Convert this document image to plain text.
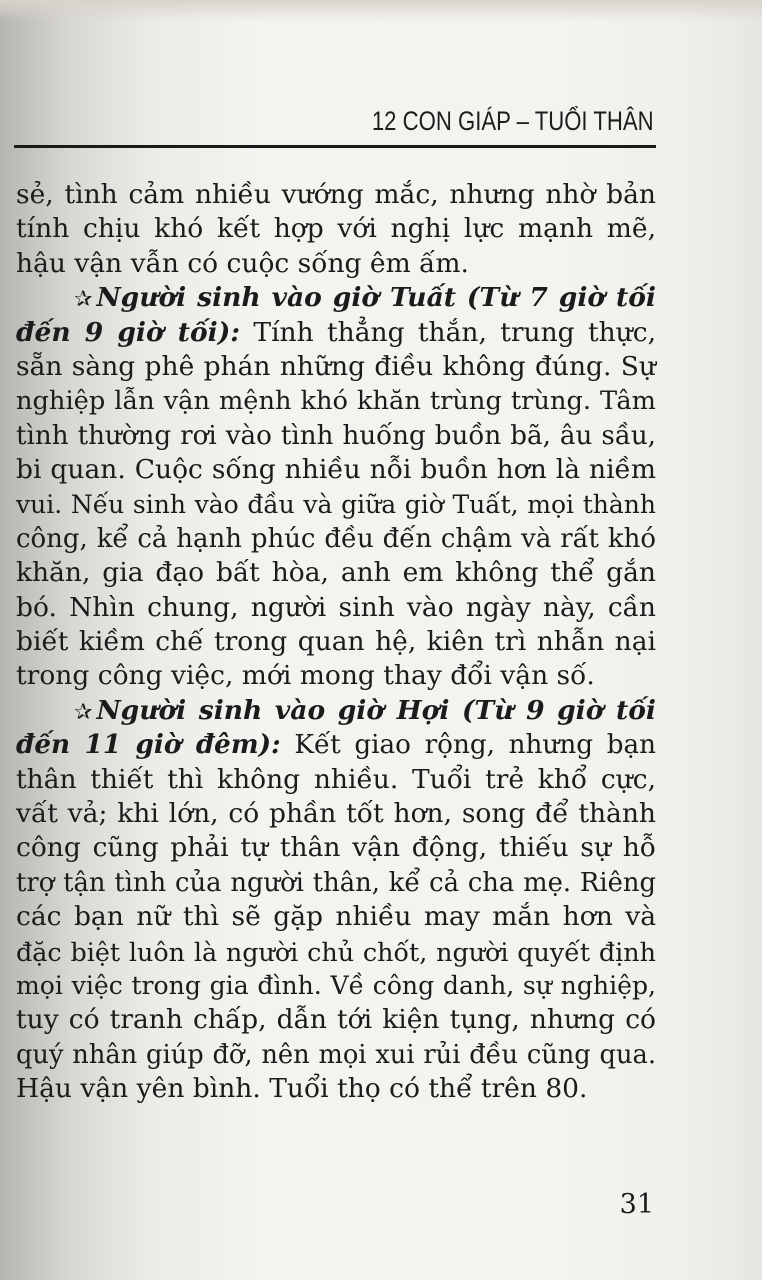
12 CON GIÁP – TUỔI THÂN
sẻ, tình cảm nhiều vướng mắc, nhưng nhờ bản
tính chịu khó kết hợp với nghị lực mạnh mẽ,
hậu vận vẫn có cuộc sống êm ấm.
✰ Người sinh vào giờ Tuất (Từ 7 giờ tối
đến 9 giờ tối): Tính thẳng thắn, trung thực,
sẵn sàng phê phán những điều không đúng. Sự
nghiệp lẫn vận mệnh khó khăn trùng trùng. Tâm
tình thường rơi vào tình huống buồn bã, âu sầu,
bi quan. Cuộc sống nhiều nỗi buồn hơn là niềm
vui. Nếu sinh vào đầu và giữa giờ Tuất, mọi thành
công, kể cả hạnh phúc đều đến chậm và rất khó
khăn, gia đạo bất hòa, anh em không thể gắn
bó. Nhìn chung, người sinh vào ngày này, cần
biết kiềm chế trong quan hệ, kiên trì nhẫn nại
trong công việc, mới mong thay đổi vận số.
✰ Người sinh vào giờ Hợi (Từ 9 giờ tối
đến 11 giờ đêm): Kết giao rộng, nhưng bạn
thân thiết thì không nhiều. Tuổi trẻ khổ cực,
vất vả; khi lớn, có phần tốt hơn, song để thành
công cũng phải tự thân vận động, thiếu sự hỗ
trợ tận tình của người thân, kể cả cha mẹ. Riêng
các bạn nữ thì sẽ gặp nhiều may mắn hơn và
đặc biệt luôn là người chủ chốt, người quyết định
mọi việc trong gia đình. Về công danh, sự nghiệp,
tuy có tranh chấp, dẫn tới kiện tụng, nhưng có
quý nhân giúp đỡ, nên mọi xui rủi đều cũng qua.
Hậu vận yên bình. Tuổi thọ có thể trên 80.
31
